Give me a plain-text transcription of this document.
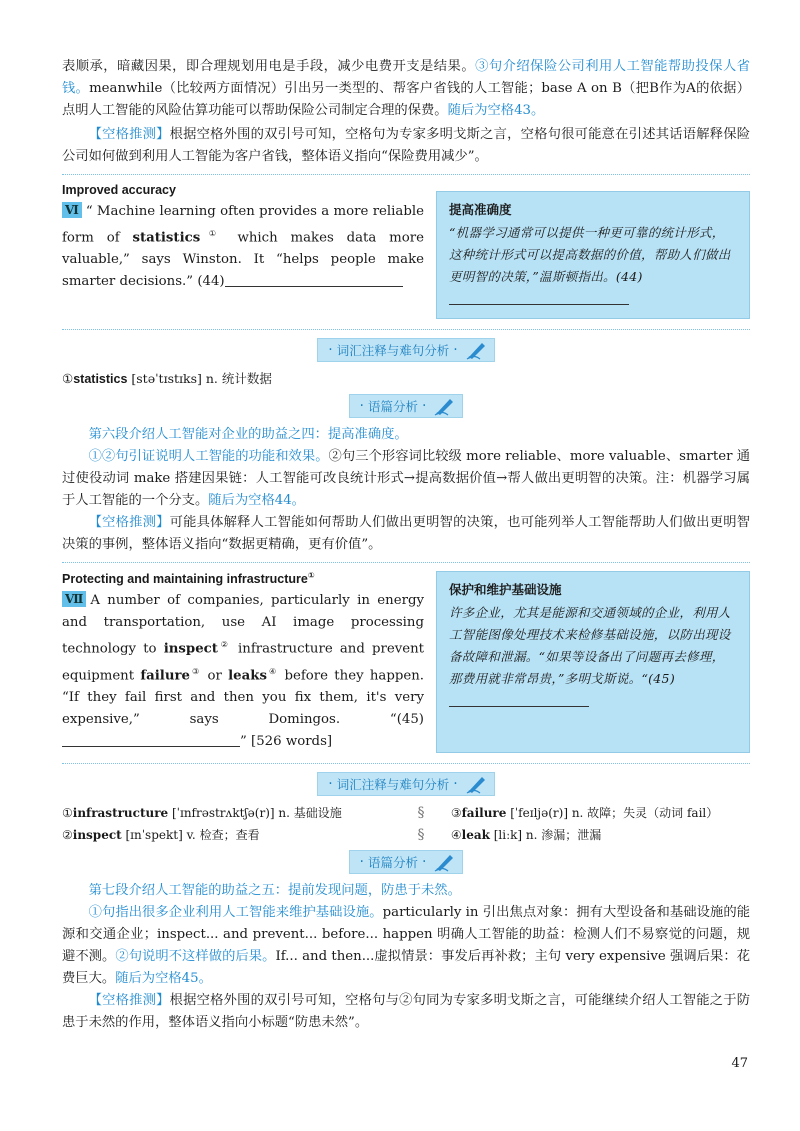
表顺承，暗藏因果，即合理规划用电是手段，减少电费开支是结果。③句介绍保险公司利用人工智能帮助投保人省钱。meanwhile（比较两方面情况）引出另一类型的、帮客户省钱的人工智能；base A on B（把B作为A的依据）点明人工智能的风险估算功能可以帮助保险公司制定合理的保费。随后为空格43。

【空格推测】根据空格外围的双引号可知，空格句为专家多明戈斯之言，空格句很可能意在引述其话语解释保险公司如何做到利用人工智能为客户省钱，整体语义指向“保险费用减少”。

Improved accuracy
Ⅵ “ Machine learning often provides a more reliable form of statistics① which makes data more valuable,” says Winston. It “helps people make smarter decisions.” (44)
提高准确度
“机器学习通常可以提供一种更可靠的统计形式，这种统计形式可以提高数据的价值，帮助人们做出更明智的决策，”温斯顿指出。(44)
· 词汇注释与难句分析 ·
①statistics [stəˈtɪstɪks] n. 统计数据
· 语篇分析 ·

第六段介绍人工智能对企业的助益之四：提高准确度。

①②句引证说明人工智能的功能和效果。②句三个形容词比较级 more reliable、more valuable、smarter 通过使役动词 make 搭建因果链：人工智能可改良统计形式→提高数据价值→帮人做出更明智的决策。注：机器学习属于人工智能的一个分支。随后为空格44。

【空格推测】可能具体解释人工智能如何帮助人们做出更明智的决策，也可能列举人工智能帮助人们做出更明智决策的事例，整体语义指向“数据更精确，更有价值”。

Protecting and maintaining infrastructure①
Ⅶ A number of companies, particularly in energy and transportation, use AI image processing technology to inspect② infrastructure and prevent equipment failure③ or leaks④ before they happen. “If they fail first and then you fix them, it's very expensive,” says Domingos. “(45)” [526 words]
保护和维护基础设施
许多企业，尤其是能源和交通领域的企业，利用人工智能图像处理技术来检修基础设施，以防出现设备故障和泄漏。“如果等设备出了问题再去修理，那费用就非常昂贵，”多明戈斯说。“(45)
· 词汇注释与难句分析 ·
①infrastructure [ˈɪnfrəstrʌktʃə(r)] n. 基础设施
②inspect [ɪnˈspekt] v. 检查；查看
§
§
③failure [ˈfeɪljə(r)] n. 故障；失灵（动词 fail）
④leak [liːk] n. 渗漏；泄漏
· 语篇分析 ·

第七段介绍人工智能的助益之五：提前发现问题，防患于未然。

①句指出很多企业利用人工智能来维护基础设施。particularly in 引出焦点对象：拥有大型设备和基础设施的能源和交通企业；inspect... and prevent... before... happen 明确人工智能的助益：检测人们不易察觉的问题，规避不测。②句说明不这样做的后果。If... and then...虚拟情景：事发后再补救；主句 very expensive 强调后果：花费巨大。随后为空格45。

【空格推测】根据空格外围的双引号可知，空格句与②句同为专家多明戈斯之言，可能继续介绍人工智能之于防患于未然的作用，整体语义指向小标题“防患未然”。

47
